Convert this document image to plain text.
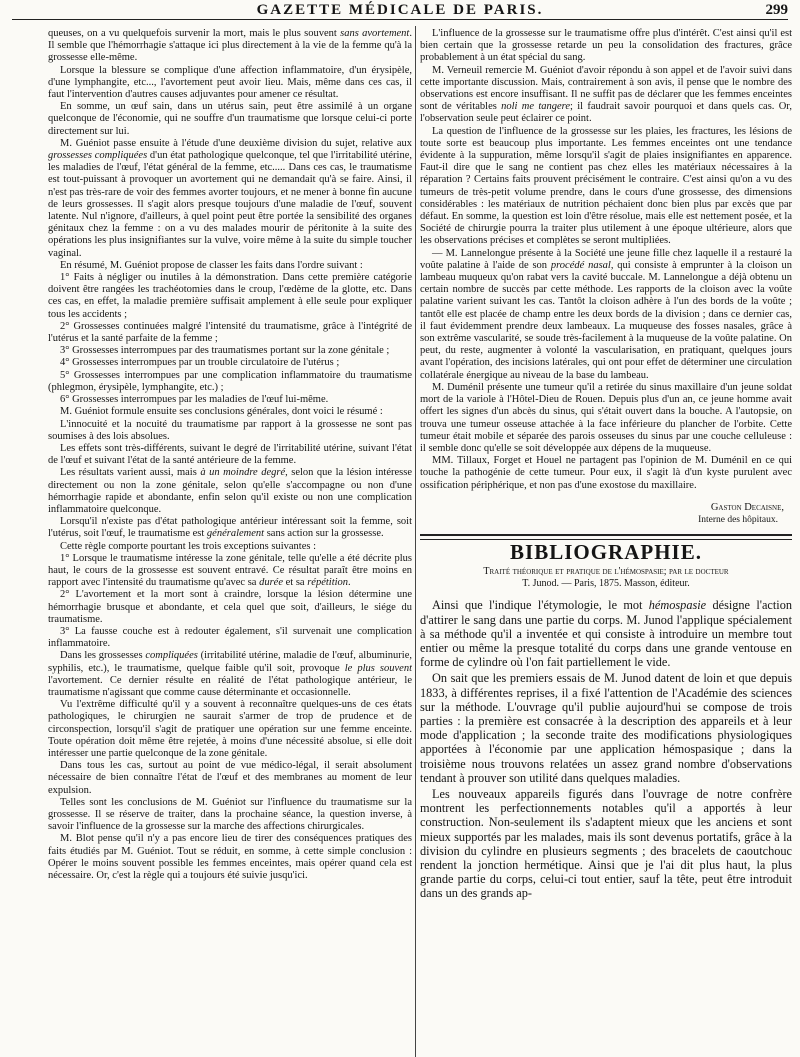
GAZETTE MÉDICALE DE PARIS.	299

queuses, on a vu quelquefois survenir la mort, mais le plus souvent sans avortement. Il semble que l'hémorrhagie s'attaque ici plus directement à la vie de la femme qu'à la grossesse elle-même.

Lorsque la blessure se complique d'une affection inflammatoire, d'un érysipèle, d'une lymphangite, etc..., l'avortement peut avoir lieu. Mais, même dans ces cas, il faut l'intervention d'autres causes adjuvantes pour amener ce résultat.

En somme, un œuf sain, dans un utérus sain, peut être assimilé à un organe quelconque de l'économie, qui ne souffre d'un traumatisme que lorsque celui-ci porte directement sur lui.

M. Guéniot passe ensuite à l'étude d'une deuxième division du sujet, relative aux grossesses compliquées d'un état pathologique quelconque, tel que l'irritabilité utérine, les maladies de l'œuf, l'état général de la femme, etc..... Dans ces cas, le traumatisme est tout-puissant à provoquer un avortement qui ne demandait qu'à se faire. Ainsi, il n'est pas très-rare de voir des femmes avorter toujours, et ne mener à bonne fin aucune de leurs grossesses. Il s'agit alors presque toujours d'une maladie de l'œuf, souvent latente. Nul n'ignore, d'ailleurs, à quel point peut être portée la sensibilité des organes génitaux chez la femme : on a vu des malades mourir de péritonite à la suite des opérations les plus insignifiantes sur la vulve, voire même à la suite du simple toucher vaginal.

En résumé, M. Guéniot propose de classer les faits dans l'ordre suivant :

1° Faits à négliger ou inutiles à la démonstration. Dans cette première catégorie doivent être rangées les trachéotomies dans le croup, l'œdème de la glotte, etc. Dans ces cas, en effet, la maladie première suffisait amplement à elle seule pour expliquer tous les accidents ;

2° Grossesses continuées malgré l'intensité du traumatisme, grâce à l'intégrité de l'utérus et la santé parfaite de la femme ;

3° Grossesses interrompues par des traumatismes portant sur la zone génitale ;

4° Grossesses interrompues par un trouble circulatoire de l'utérus ;

5° Grossesses interrompues par une complication inflammatoire du traumatisme (phlegmon, érysipèle, lymphangite, etc.) ;

6° Grossesses interrompues par les maladies de l'œuf lui-même.

M. Guéniot formule ensuite ses conclusions générales, dont voici le résumé :

L'innocuité et la nocuité du traumatisme par rapport à la grossesse ne sont pas soumises à des lois absolues.

Les effets sont très-différents, suivant le degré de l'irritabilité utérine, suivant l'état de l'œuf et suivant l'état de la santé antérieure de la femme.

Les résultats varient aussi, mais à un moindre degré, selon que la lésion intéresse directement ou non la zone génitale, selon qu'elle s'accompagne ou non d'une hémorrhagie rapide et abondante, enfin selon qu'il existe ou non une complication inflammatoire quelconque.

Lorsqu'il n'existe pas d'état pathologique antérieur intéressant soit la femme, soit l'utérus, soit l'œuf, le traumatisme est généralement sans action sur la grossesse.

Cette règle comporte pourtant les trois exceptions suivantes :

1° Lorsque le traumatisme intéresse la zone génitale, telle qu'elle a été décrite plus haut, le cours de la grossesse est souvent entravé. Ce résultat paraît être moins en rapport avec l'intensité du traumatisme qu'avec sa durée et sa répétition.

2° L'avortement et la mort sont à craindre, lorsque la lésion détermine une hémorrhagie brusque et abondante, et cela quel que soit, d'ailleurs, le siége du traumatisme.

3° La fausse couche est à redouter également, s'il survenait une complication inflammatoire.

Dans les grossesses compliquées (irritabilité utérine, maladie de l'œuf, albuminurie, syphilis, etc.), le traumatisme, quelque faible qu'il soit, provoque le plus souvent l'avortement. Ce dernier résulte en réalité de l'état pathologique antérieur, le traumatisme n'agissant que comme cause déterminante et occasionnelle.

Vu l'extrême difficulté qu'il y a souvent à reconnaître quelques-uns de ces états pathologiques, le chirurgien ne saurait s'armer de trop de prudence et de circonspection, lorsqu'il s'agit de pratiquer une opération sur une femme enceinte. Toute opération doit même être rejetée, à moins d'une nécessité absolue, si elle doit intéresser une partie quelconque de la zone génitale.

Dans tous les cas, surtout au point de vue médico-légal, il serait absolument nécessaire de bien connaître l'état de l'œuf et des membranes au moment de leur expulsion.

Telles sont les conclusions de M. Guéniot sur l'influence du traumatisme sur la grossesse. Il se réserve de traiter, dans la prochaine séance, la question inverse, à savoir l'influence de la grossesse sur la marche des affections chirurgicales.

M. Blot pense qu'il n'y a pas encore lieu de tirer des conséquences pratiques des faits étudiés par M. Guéniot. Tout se réduit, en somme, à cette simple conclusion : Opérer le moins souvent possible les femmes enceintes, mais opérer quand cela est nécessaire. Or, c'est la règle qui a toujours été suivie jusqu'ici.

L'influence de la grossesse sur le traumatisme offre plus d'intérêt. C'est ainsi qu'il est bien certain que la grossesse retarde un peu la consolidation des fractures, grâce probablement à un état spécial du sang.

M. Verneuil remercie M. Guéniot d'avoir répondu à son appel et de l'avoir suivi dans cette importante discussion. Mais, contrairement à son avis, il pense que le nombre des observations est encore insuffisant. Il ne suffit pas de déclarer que les femmes enceintes sont de véritables noli me tangere; il faudrait savoir pourquoi et dans quels cas. Or, l'observation seule peut éclairer ce point.

La question de l'influence de la grossesse sur les plaies, les fractures, les lésions de toute sorte est beaucoup plus importante. Les femmes enceintes ont une tendance évidente à la suppuration, même lorsqu'il s'agit de plaies insignifiantes en apparence. Faut-il dire que le sang ne contient pas chez elles les matériaux nécessaires à la réparation ? Certains faits prouvent précisément le contraire. C'est ainsi qu'on a vu des tumeurs de très-petit volume prendre, dans le cours d'une grossesse, des dimensions considérables : les matériaux de nutrition péchaient donc bien plus par excès que par défaut. En somme, la question est loin d'être résolue, mais elle est nettement posée, et la Société de chirurgie pourra la traiter plus utilement à une époque ultérieure, alors que les observations précises et complètes se seront multipliées.

— M. Lannelongue présente à la Société une jeune fille chez laquelle il a restauré la voûte palatine à l'aide de son procédé nasal, qui consiste à emprunter à la cloison un lambeau muqueux qu'on rabat vers la cavité buccale. M. Lannelongue a déjà obtenu un certain nombre de succès par cette méthode. Les rapports de la cloison avec la voûte palatine varient suivant les cas. Tantôt la cloison adhère à l'un des bords de la voûte ; tantôt elle est placée de champ entre les deux bords de la division ; dans ce dernier cas, il faut évidemment prendre deux lambeaux. La muqueuse des fosses nasales, grâce à son extrême vascularité, se soude très-facilement à la muqueuse de la voûte palatine. On peut, du reste, augmenter à volonté la vascularisation, en pratiquant, quelques jours avant l'opération, des incisions latérales, qui ont pour effet de déterminer une circulation collatérale énergique au niveau de la base du lambeau.

M. Duménil présente une tumeur qu'il a retirée du sinus maxillaire d'un jeune soldat mort de la variole à l'Hôtel-Dieu de Rouen. Depuis plus d'un an, ce jeune homme avait offert les signes d'un abcès du sinus, qui s'était ouvert dans la bouche. A l'autopsie, on trouva une tumeur osseuse attachée à la face inférieure du plancher de l'orbite. Cette tumeur était mobile et séparée des parois osseuses du sinus par une couche celluleuse : il semble donc qu'elle se soit développée aux dépens de la muqueuse.

MM. Tillaux, Forget et Houel ne partagent pas l'opinion de M. Duménil en ce qui touche la pathogénie de cette tumeur. Pour eux, il s'agit là d'un kyste purulent avec ossification périphérique, et non pas d'une exostose du maxillaire.

Gaston Decaisne,
Interne des hôpitaux.
BIBLIOGRAPHIE.
Traité théorique et pratique de l'hémospasie; par le docteur
T. Junod. — Paris, 1875. Masson, éditeur.

Ainsi que l'indique l'étymologie, le mot hémospasie désigne l'action d'attirer le sang dans une partie du corps. M. Junod l'applique spécialement à sa méthode qu'il a inventée et qui consiste à introduire un membre tout entier ou même la presque totalité du corps dans une grande ventouse en forme de cylindre où l'on fait partiellement le vide.

On sait que les premiers essais de M. Junod datent de loin et que depuis 1833, à différentes reprises, il a fixé l'attention de l'Académie des sciences sur la méthode. L'ouvrage qu'il publie aujourd'hui se compose de trois parties : la première est consacrée à la description des appareils et à leur mode d'application ; la seconde traite des modifications physiologiques apportées à l'économie par une application hémospasique ; dans la troisième nous trouvons relatées un assez grand nombre d'observations tendant à prouver son utilité dans quelques maladies.

Les nouveaux appareils figurés dans l'ouvrage de notre confrère montrent les perfectionnements notables qu'il a apportés à leur construction. Non-seulement ils s'adaptent mieux que les anciens et sont mieux supportés par les malades, mais ils sont devenus portatifs, grâce à la division du cylindre en plusieurs segments ; des bracelets de caoutchouc rendent la jonction hermétique. Ainsi que je l'ai dit plus haut, la plus grande partie du corps, celui-ci tout entier, sauf la tête, peut être introduit dans un des grands ap-
